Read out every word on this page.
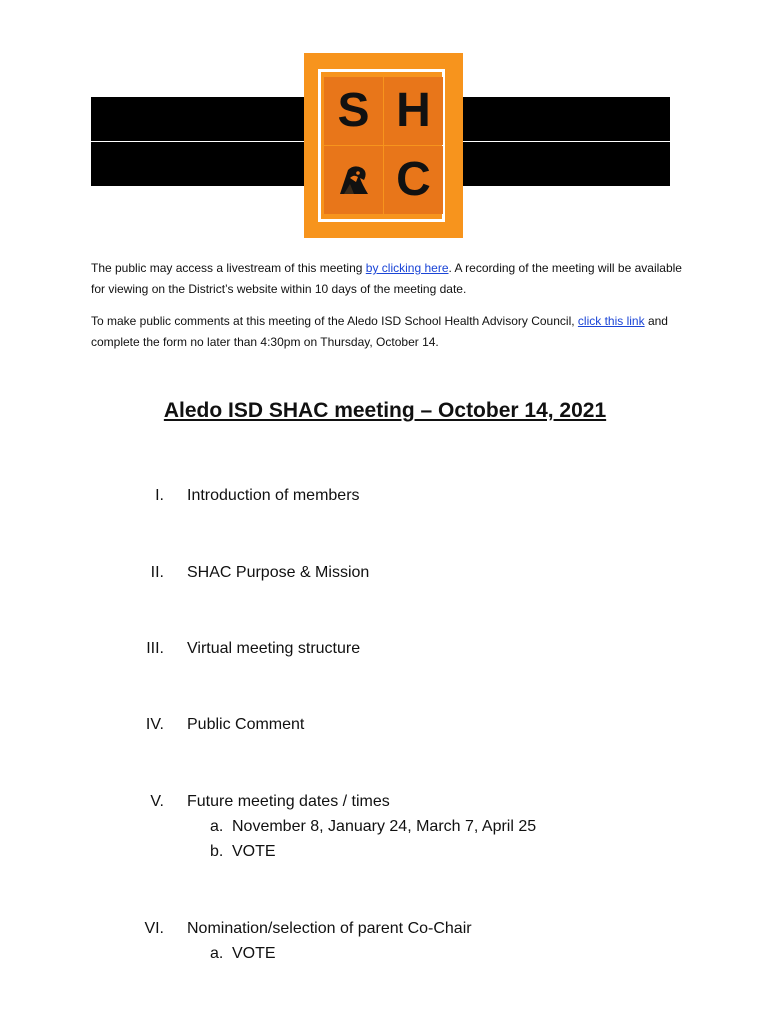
S H
C
The public may access a livestream of this meeting by clicking here. A recording of the meeting will be available for viewing on the District’s website within 10 days of the meeting date.
To make public comments at this meeting of the Aledo ISD School Health Advisory Council, click this link and complete the form no later than 4:30pm on Thursday, October 14.
Aledo ISD SHAC meeting – October 14, 2021
I. Introduction of members
II. SHAC Purpose & Mission
III. Virtual meeting structure
IV. Public Comment
V. Future meeting dates / times
a. November 8, January 24, March 7, April 25
b. VOTE
VI. Nomination/selection of parent Co-Chair
a. VOTE
